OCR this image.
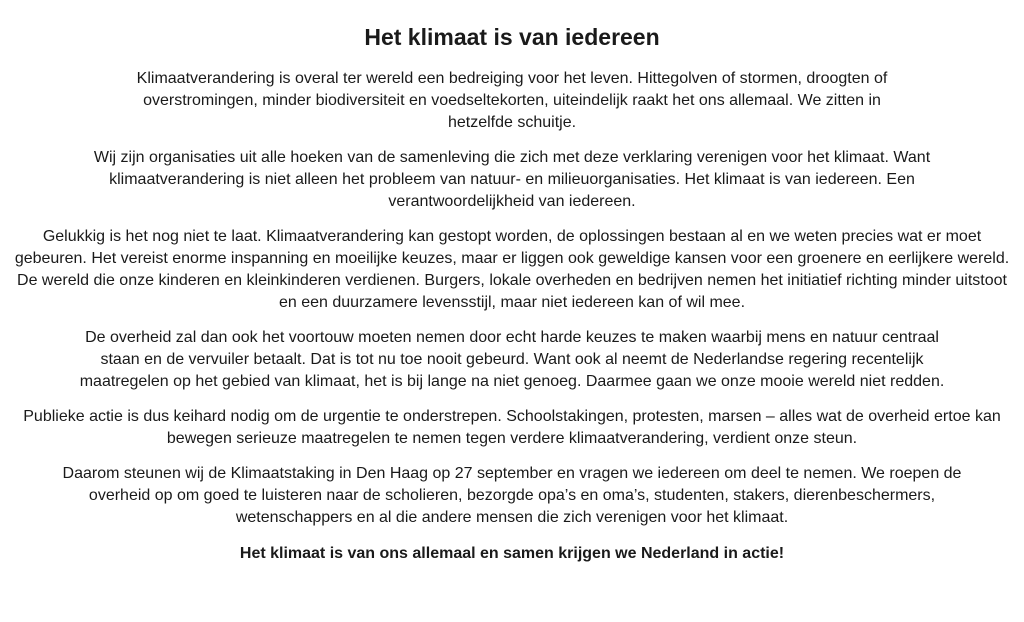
Het klimaat is van iedereen

Klimaatverandering is overal ter wereld een bedreiging voor het leven. Hittegolven of stormen, droogten of overstromingen, minder biodiversiteit en voedseltekorten, uiteindelijk raakt het ons allemaal. We zitten in hetzelfde schuitje.

Wij zijn organisaties uit alle hoeken van de samenleving die zich met deze verklaring verenigen voor het klimaat. Want klimaatverandering is niet alleen het probleem van natuur- en milieuorganisaties. Het klimaat is van iedereen. Een verantwoordelijkheid van iedereen.

Gelukkig is het nog niet te laat. Klimaatverandering kan gestopt worden, de oplossingen bestaan al en we weten precies wat er moet gebeuren. Het vereist enorme inspanning en moeilijke keuzes, maar er liggen ook geweldige kansen voor een groenere en eerlijkere wereld. De wereld die onze kinderen en kleinkinderen verdienen. Burgers, lokale overheden en bedrijven nemen het initiatief richting minder uitstoot en een duurzamere levensstijl, maar niet iedereen kan of wil mee.

De overheid zal dan ook het voortouw moeten nemen door echt harde keuzes te maken waarbij mens en natuur centraal staan en de vervuiler betaalt. Dat is tot nu toe nooit gebeurd. Want ook al neemt de Nederlandse regering recentelijk maatregelen op het gebied van klimaat, het is bij lange na niet genoeg. Daarmee gaan we onze mooie wereld niet redden.

Publieke actie is dus keihard nodig om de urgentie te onderstrepen. Schoolstakingen, protesten, marsen – alles wat de overheid ertoe kan bewegen serieuze maatregelen te nemen tegen verdere klimaatverandering, verdient onze steun.

Daarom steunen wij de Klimaatstaking in Den Haag op 27 september en vragen we iedereen om deel te nemen. We roepen de overheid op om goed te luisteren naar de scholieren, bezorgde opa’s en oma’s, studenten, stakers, dierenbeschermers, wetenschappers en al die andere mensen die zich verenigen voor het klimaat.

Het klimaat is van ons allemaal en samen krijgen we Nederland in actie!
